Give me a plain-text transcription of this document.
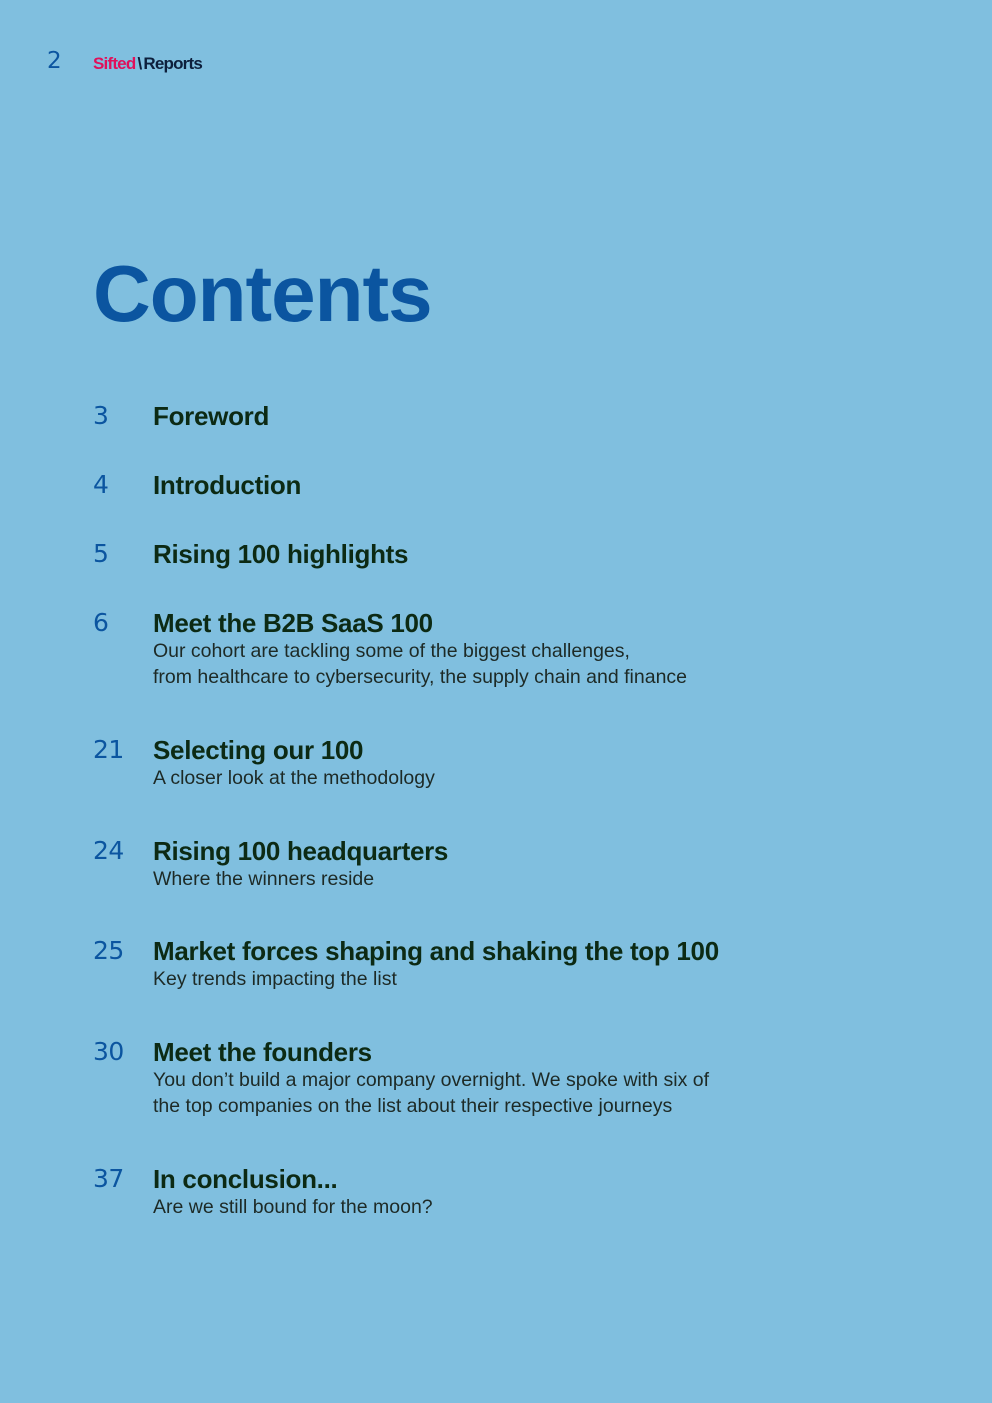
2 Sifted \ Reports
Contents
3 Foreword
4 Introduction
5 Rising 100 highlights
6 Meet the B2B SaaS 100
Our cohort are tackling some of the biggest challenges,
from healthcare to cybersecurity, the supply chain and finance
21 Selecting our 100
A closer look at the methodology
24 Rising 100 headquarters
Where the winners reside
25 Market forces shaping and shaking the top 100
Key trends impacting the list
30 Meet the founders
You don’t build a major company overnight. We spoke with six of
the top companies on the list about their respective journeys
37 In conclusion...
Are we still bound for the moon?
